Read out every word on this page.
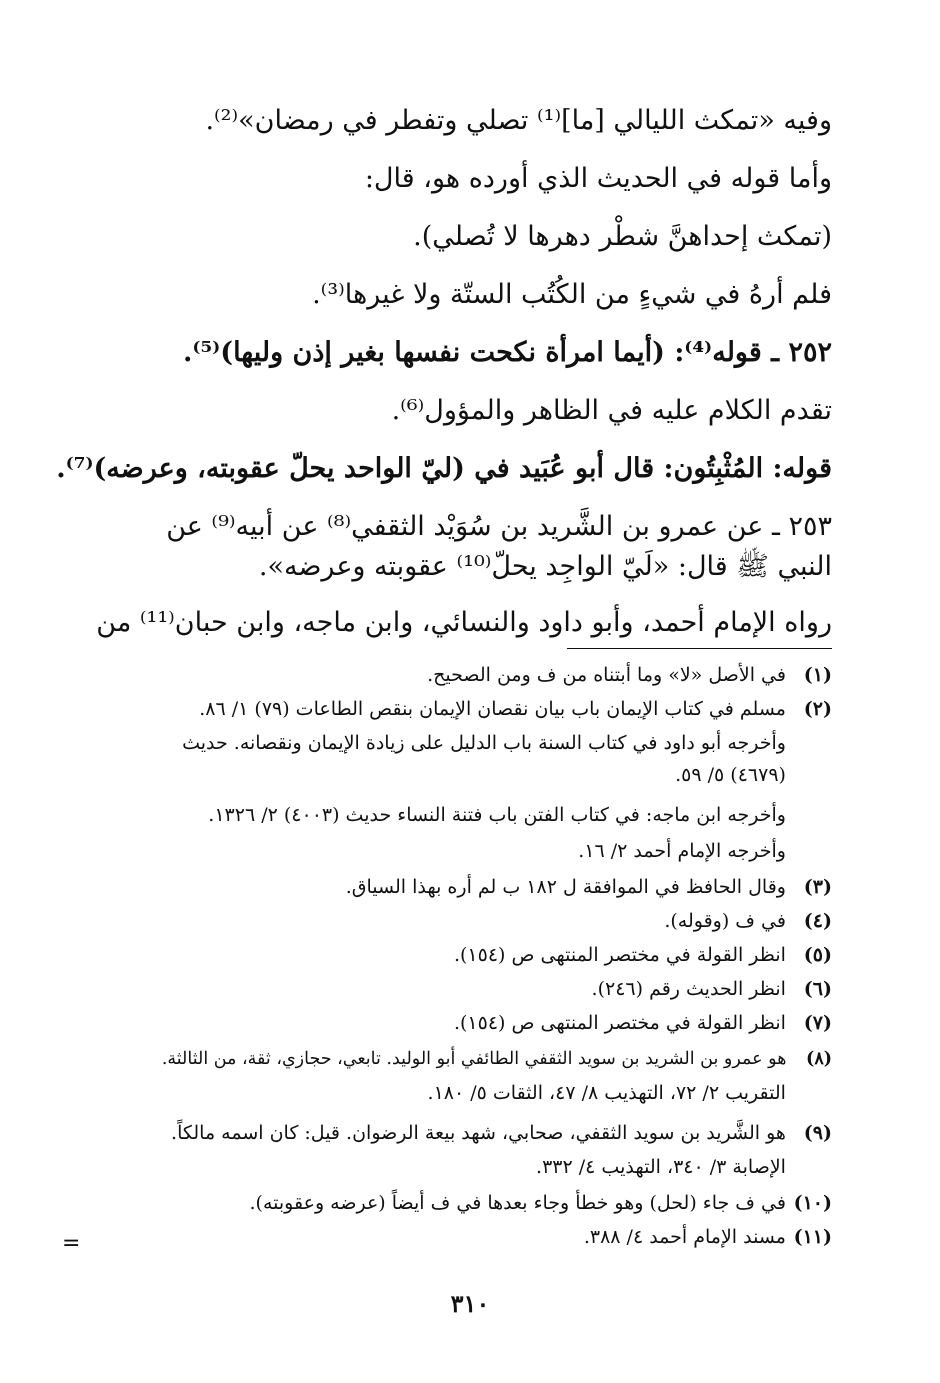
وفيه «تمكث الليالي [ما]⁽¹⁾ تصلي وتفطر في رمضان»⁽²⁾.
وأما قوله في الحديث الذي أورده هو، قال:
(تمكث إحداهنَّ شطْر دهرها لا تُصلي).
فلم أرهُ في شيءٍ من الكُتُب الستّة ولا غيرها⁽³⁾.
٢٥٢ ـ قوله⁽⁴⁾: (أيما امرأة نكحت نفسها بغير إذن وليها)⁽⁵⁾.
تقدم الكلام عليه في الظاهر والمؤول⁽⁶⁾.
قوله: المُثْبِتُون: قال أبو عُبَيد في (ليّ الواحد يحلّ عقوبته، وعرضه)⁽⁷⁾.
٢٥٣ ـ عن عمرو بن الشَّريد بن سُوَيْد الثقفي⁽⁸⁾ عن أبيه⁽⁹⁾ عن
النبي ﷺ قال: «لَيّ الواجِد يحلّ⁽¹⁰⁾ عقوبته وعرضه».
رواه الإمام أحمد، وأبو داود والنسائي، وابن ماجه، وابن حبان⁽¹¹⁾ من
(١) في الأصل «لا» وما أبتناه من ف ومن الصحيح.
(٢) مسلم في كتاب الإيمان باب بيان نقصان الإيمان بنقص الطاعات (٧٩) ١/ ٨٦.
وأخرجه أبو داود في كتاب السنة باب الدليل على زيادة الإيمان ونقصانه. حديث
(٤٦٧٩) ٥/ ٥٩.
وأخرجه ابن ماجه: في كتاب الفتن باب فتنة النساء حديث (٤٠٠٣) ٢/ ١٣٢٦.
وأخرجه الإمام أحمد ٢/ ١٦.
(٣) وقال الحافظ في الموافقة ل ١٨٢ ب لم أره بهذا السياق.
(٤) في ف (وقوله).
(٥) انظر القولة في مختصر المنتهى ص (١٥٤).
(٦) انظر الحديث رقم (٢٤٦).
(٧) انظر القولة في مختصر المنتهى ص (١٥٤).
(٨) هو عمرو بن الشريد بن سويد الثقفي الطائفي أبو الوليد. تابعي، حجازي، ثقة، من الثالثة.
التقريب ٢/ ٧٢، التهذيب ٨/ ٤٧، الثقات ٥/ ١٨٠.
(٩) هو الشَّريد بن سويد الثقفي، صحابي، شهد بيعة الرضوان. قيل: كان اسمه مالكاً.
الإصابة ٣/ ٣٤٠، التهذيب ٤/ ٣٣٢.
(١٠) في ف جاء (لحل) وهو خطأ وجاء بعدها في ف أيضاً (عرضه وعقوبته).
(١١) مسند الإمام أحمد ٤/ ٣٨٨.
=
٣١٠
